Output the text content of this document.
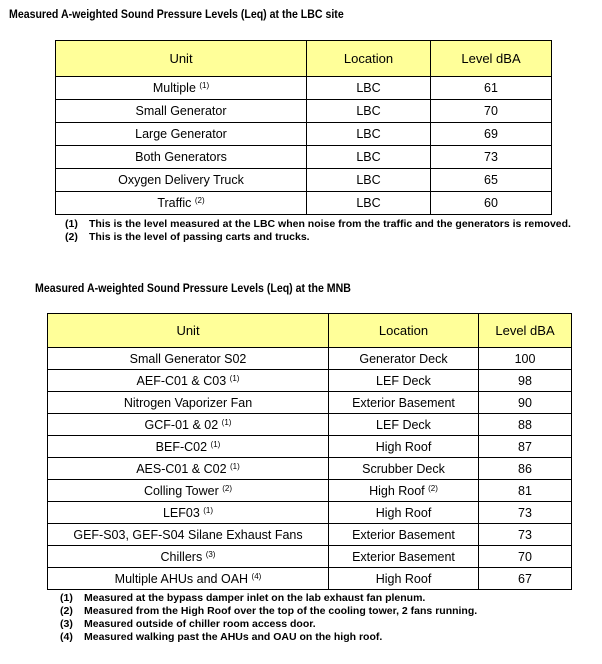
Measured A-weighted Sound Pressure Levels (Leq) at the LBC site
Unit	Location	Level dBA
Multiple $^{(1)}$	LBC	61
Small Generator	LBC	70
Large Generator	LBC	69
Both Generators	LBC	73
Oxygen Delivery Truck	LBC	65
Traffic $^{(2)}$	LBC	60
(1)	This is the level measured at the LBC when noise from the traffic and the generators is removed.
(2)	This is the level of passing carts and trucks.
Measured A-weighted Sound Pressure Levels (Leq) at the MNB
Unit	Location	Level dBA
Small Generator S02	Generator Deck	100
AEF-C01 & C03 $^{(1)}$	LEF Deck	98
Nitrogen Vaporizer Fan	Exterior Basement	90
GCF-01 & 02 $^{(1)}$	LEF Deck	88
BEF-C02 $^{(1)}$	High Roof	87
AES-C01 & C02 $^{(1)}$	Scrubber Deck	86
Colling Tower $^{(2)}$	High Roof $^{(2)}$	81
LEF03 $^{(1)}$	High Roof	73
GEF-S03, GEF-S04 Silane Exhaust Fans	Exterior Basement	73
Chillers $^{(3)}$	Exterior Basement	70
Multiple AHUs and OAH $^{(4)}$	High Roof	67
(1)	Measured at the bypass damper inlet on the lab exhaust fan plenum.
(2)	Measured from the High Roof over the top of the cooling tower, 2 fans running.
(3)	Measured outside of chiller room access door.
(4)	Measured walking past the AHUs and OAU on the high roof.
